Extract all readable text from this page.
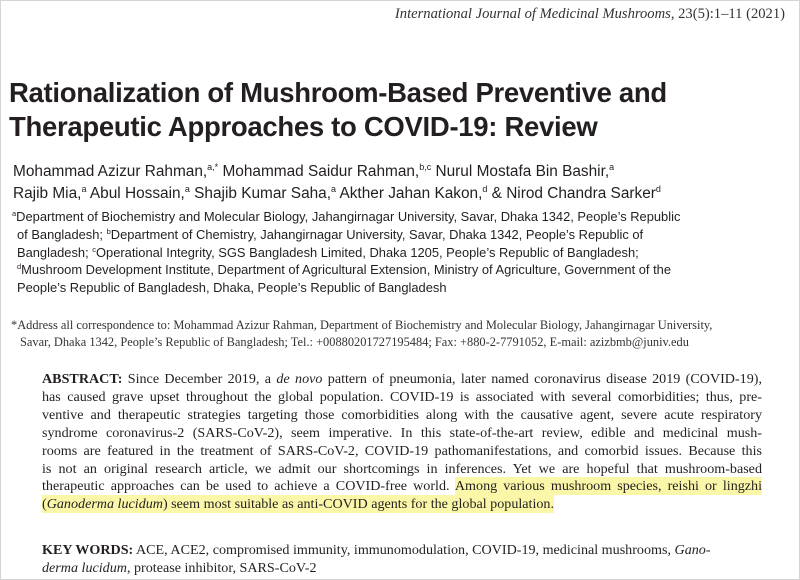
International Journal of Medicinal Mushrooms, 23(5):1–11 (2021)
Rationalization of Mushroom-Based Preventive and
Therapeutic Approaches to COVID-19: Review
Mohammad Azizur Rahman,$^{a,*}$ Mohammad Saidur Rahman,$^{b,c}$ Nurul Mostafa Bin Bashir,$^a$
Rajib Mia,$^a$ Abul Hossain,$^a$ Shajib Kumar Saha,$^a$ Akther Jahan Kakon,$^d$ & Nirod Chandra Sarker$^d$
$^a$Department of Biochemistry and Molecular Biology, Jahangirnagar University, Savar, Dhaka 1342, People’s Republic
of Bangladesh; $^b$Department of Chemistry, Jahangirnagar University, Savar, Dhaka 1342, People’s Republic of
Bangladesh; $^c$Operational Integrity, SGS Bangladesh Limited, Dhaka 1205, People’s Republic of Bangladesh;
$^d$Mushroom Development Institute, Department of Agricultural Extension, Ministry of Agriculture, Government of the
People’s Republic of Bangladesh, Dhaka, People’s Republic of Bangladesh
*Address all correspondence to: Mohammad Azizur Rahman, Department of Biochemistry and Molecular Biology, Jahangirnagar University,
Savar, Dhaka 1342, People’s Republic of Bangladesh; Tel.: +00880201727195484; Fax: +880-2-7791052, E-mail: azizbmb@juniv.edu
ABSTRACT: Since December 2019, a de novo pattern of pneumonia, later named coronavirus disease 2019 (COVID-19),
has caused grave upset throughout the global population. COVID-19 is associated with several comorbidities; thus, pre-
ventive and therapeutic strategies targeting those comorbidities along with the causative agent, severe acute respiratory
syndrome coronavirus-2 (SARS-CoV-2), seem imperative. In this state-of-the-art review, edible and medicinal mush-
rooms are featured in the treatment of SARS-CoV-2, COVID-19 pathomanifestations, and comorbid issues. Because this
is not an original research article, we admit our shortcomings in inferences. Yet we are hopeful that mushroom-based
therapeutic approaches can be used to achieve a COVID-free world. Among various mushroom species, reishi or lingzhi
(Ganoderma lucidum) seem most suitable as anti-COVID agents for the global population.
KEY WORDS: ACE, ACE2, compromised immunity, immunomodulation, COVID-19, medicinal mushrooms, Gano-
derma lucidum, protease inhibitor, SARS-CoV-2
